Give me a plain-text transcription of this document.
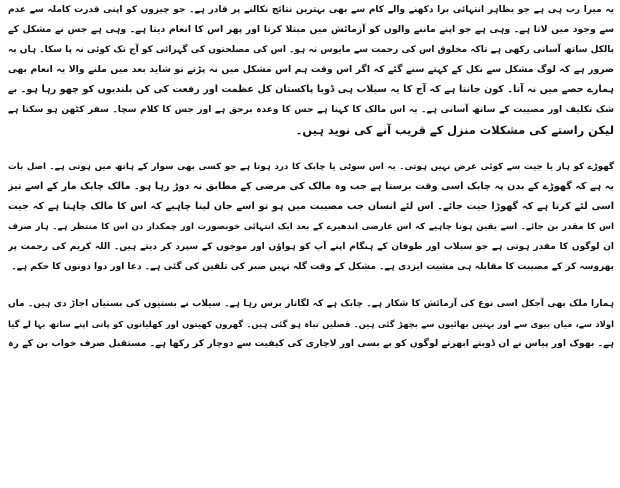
یہ میرا رب ہی ہے جو بظاہر انتہائی برا دکھنے والے کام سے بھی بہترین نتائج نکالنے پر قادر ہے۔ جو چیزوں کو اپنی قدرت کاملہ سے عدم
سے وجود میں لاتا ہے۔ وہی ہے جو اپنے ماننے والوں کو آزمائش میں مبتلا کرتا اور پھر اس کا انعام دیتا ہے۔ وہی ہے جس نے مشکل کے
بالکل ساتھ آسانی رکھی ہے تاکہ مخلوق اس کی رحمت سے مایوس نہ ہو۔ اس کی مصلحتوں کی گہرائی کو آج تک کوئی نہ پا سکا۔ ہاں یہ
ضرور ہے کہ لوگ مشکل سے نکل کے کہتے سنے گئے کہ اگر اس وقت ہم اس مشکل میں نہ پڑتے تو شاید بعد میں ملنے والا یہ انعام بھی
ہمارے حصے میں نہ آتا۔ کون جانتا ہے کہ آج کا یہ سیلاب ہی ڈوبا پاکستان کل عظمت اور رفعت کی کن بلندیوں کو چھو رہا ہو۔ بے
شک تکلیف اور مصیبت کے ساتھ آسانی ہے۔ یہ اس مالک کا کہنا ہے جس کا وعدہ برحق ہے اور جس کا کلام سچا۔ سفر کٹھن ہو سکتا ہے
لیکن راستے کی مشکلات منزل کے قریب آنے کی نوید ہیں۔
گھوڑے کو ہار یا جیت سے کوئی غرض نہیں ہوتی۔ یہ اس سوٹی یا چابک کا درد ہوتا ہے جو کسی بھی سوار کے ہاتھ میں ہوتی ہے۔ اصل بات
یہ ہے کہ گھوڑے کے بدن پہ چابک اسی وقت برستا ہے جب وہ مالک کی مرضی کے مطابق نہ دوڑ رہا ہو۔ مالک چابک مار کے اسے تیز
اسی لئے کرتا ہے کہ گھوڑا جیت جائے۔ اس لئے انسان جب مصیبت میں ہو تو اسے جان لینا چاہیے کہ اس کا مالک چاہتا ہے کہ جیت
اس کا مقدر بن جائے۔ اسے یقین ہونا چاہیے کہ اس عارضی اندھیرے کے بعد ایک انتہائی خوبصورت اور چمکدار دن اس کا منتظر ہے۔ ہار صرف
ان لوگوں کا مقدر ہوتی ہے جو سیلاب اور طوفان کے ہنگام اپنے آپ کو ہواؤں اور موجوں کے سپرد کر دیتے ہیں۔ اللہ کریم کی رحمت پر
بھروسہ کر کے مصیبت کا مقابلہ ہی مشیت ایزدی ہے۔ مشکل کے وقت گلہ نہیں صبر کی تلقین کی گئی ہے۔ دعا اور دوا دونوں کا حکم ہے۔
ہمارا ملک بھی آجکل اسی نوع کی آزمائش کا شکار ہے۔ چابک ہے کہ لگاتار برس رہا ہے۔ سیلاب نے بستیوں کی بستیاں اجاڑ دی ہیں۔ ماں
اولاد سے، میاں بیوی سے اور بہنیں بھائیوں سے بچھڑ گئی ہیں۔ فصلیں تباہ ہو گئی ہیں۔ گھروں کھیتوں اور کھلیانوں کو پانی اپنے ساتھ بہا لے گیا
ہے۔ بھوک اور پیاس نے ان ڈوبتے ابھرتے لوگوں کو بے بسی اور لاچاری کی کیفیت سے دوچار کر رکھا ہے۔ مستقبل صرف خواب بن کے رہ
